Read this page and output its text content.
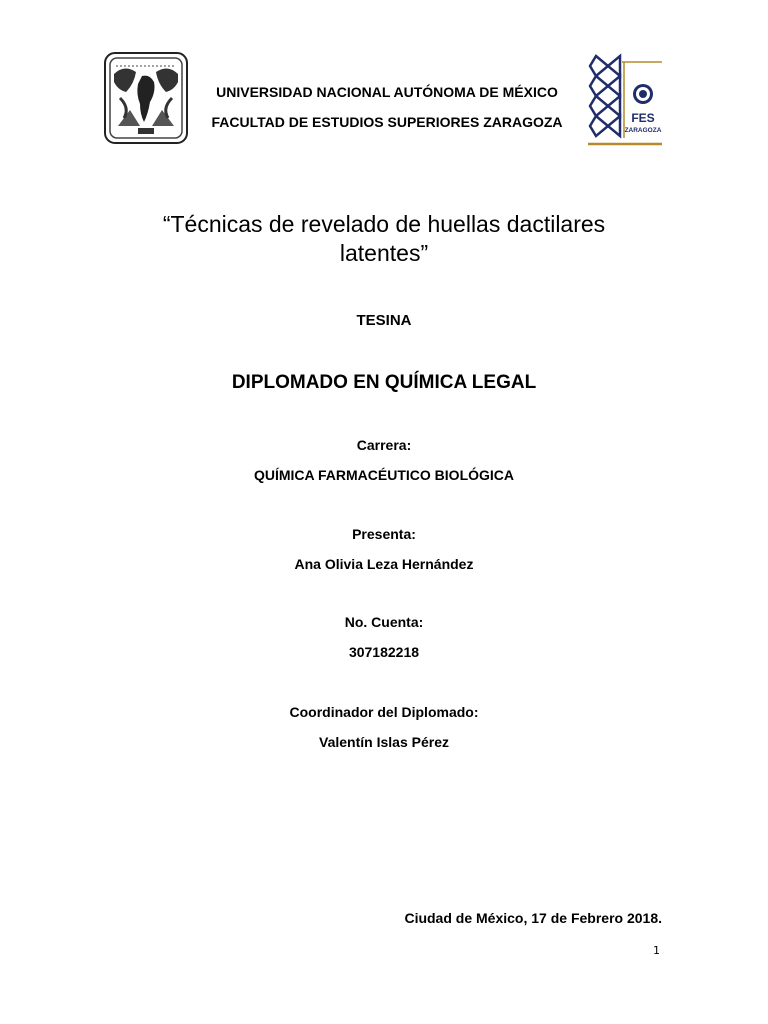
UNIVERSIDAD NACIONAL AUTÓNOMA DE MÉXICO
FACULTAD DE ESTUDIOS SUPERIORES ZARAGOZA	FES
ZARAGOZA
“Técnicas de revelado de huellas dactilares
latentes”
TESINA
DIPLOMADO EN QUÍMICA LEGAL
Carrera:
QUÍMICA FARMACÉUTICO BIOLÓGICA
Presenta:
Ana Olivia Leza Hernández
No. Cuenta:
307182218
Coordinador del Diplomado:
Valentín Islas Pérez
Ciudad de México, 17 de Febrero 2018.
1
